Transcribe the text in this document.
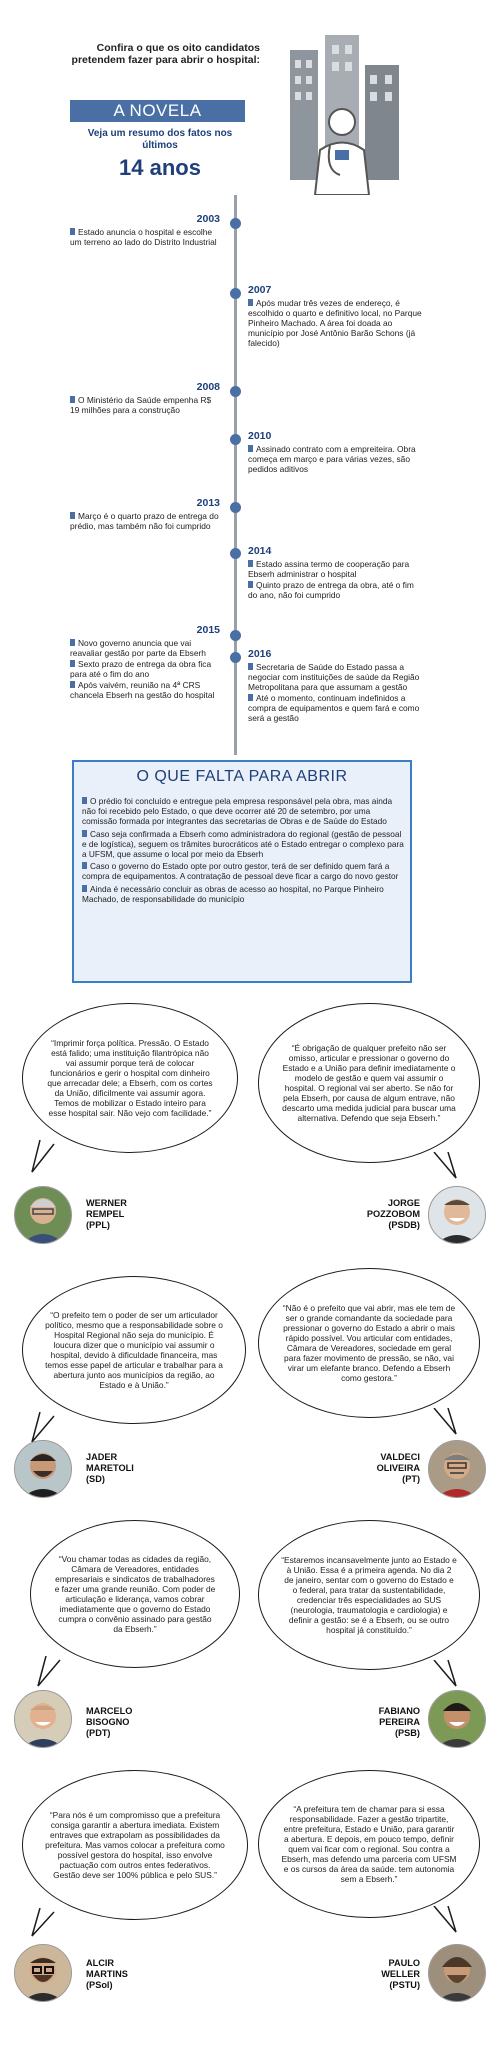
Confira o que os oito candidatos pretendem fazer para abrir o hospital:
A NOVELA
Veja um resumo dos fatos nos últimos
14 anos
2003

Estado anuncia o hospital e escolhe um terreno ao lado do Distrito Industrial

2007

Após mudar três vezes de endereço, é escolhido o quarto e definitivo local, no Parque Pinheiro Machado. A área foi doada ao município por José Antônio Barão Schons (já falecido)

2008

O Ministério da Saúde empenha R$ 19 milhões para a construção

2010

Assinado contrato com a empreiteira. Obra começa em março e para várias vezes, são pedidos aditivos

2013

Março é o quarto prazo de entrega do prédio, mas também não foi cumprido

2014

Estado assina termo de cooperação para Ebserh administrar o hospital

Quinto prazo de entrega da obra, até o fim do ano, não foi cumprido

2015

Novo governo anuncia que vai reavaliar gestão por parte da Ebserh

Sexto prazo de entrega da obra fica para até o fim do ano

Após vaivém, reunião na 4ª CRS chancela Ebserh na gestão do hospital

2016

Secretaria de Saúde do Estado passa a negociar com instituições de saúde da Região Metropolitana para que assumam a gestão

Até o momento, continuam indefinidos a compra de equipamentos e quem fará e como será a gestão

O QUE FALTA PARA ABRIR

O prédio foi concluído e entregue pela empresa responsável pela obra, mas ainda não foi recebido pelo Estado, o que deve ocorrer até 20 de setembro, por uma comissão formada por integrantes das secretarias de Obras e de Saúde do Estado

Caso seja confirmada a Ebserh como administradora do regional (gestão de pessoal e de logística), seguem os trâmites burocráticos até o Estado entregar o complexo para a UFSM, que assume o local por meio da Ebserh

Caso o governo do Estado opte por outro gestor, terá de ser definido quem fará a compra de equipamentos. A contratação de pessoal deve ficar a cargo do novo gestor

Ainda é necessário concluir as obras de acesso ao hospital, no Parque Pinheiro Machado, de responsabilidade do município

“Imprimir força política. Pressão. O Estado está falido; uma instituição filantrópica não vai assumir porque terá de colocar funcionários e gerir o hospital com dinheiro que arrecadar dele; a Ebserh, com os cortes da União, dificilmente vai assumir agora. Temos de mobilizar o Estado inteiro para esse hospital sair. Não vejo com facilidade.”
“É obrigação de qualquer prefeito não ser omisso, articular e pressionar o governo do Estado e a União para definir imediatamente o modelo de gestão e quem vai assumir o hospital. O regional vai ser aberto. Se não for pela Ebserh, por causa de algum entrave, não descarto uma medida judicial para buscar uma alternativa. Defendo que seja Ebserh.”
WERNER
REMPEL
(PPL)
JORGE
POZZOBOM
(PSDB)
“O prefeito tem o poder de ser um articulador político, mesmo que a responsabilidade sobre o Hospital Regional não seja do município. É loucura dizer que o município vai assumir o hospital, devido à dificuldade financeira, mas temos esse papel de articular e trabalhar para a abertura junto aos municípios da região, ao Estado e à União.”
“Não é o prefeito que vai abrir, mas ele tem de ser o grande comandante da sociedade para pressionar o governo do Estado a abrir o mais rápido possível. Vou articular com entidades, Câmara de Vereadores, sociedade em geral para fazer movimento de pressão, se não, vai virar um elefante branco. Defendo a Ebserh como gestora.”
JADER
MARETOLI
(SD)
VALDECI
OLIVEIRA
(PT)
“Vou chamar todas as cidades da região, Câmara de Vereadores, entidades empresariais e sindicatos de trabalhadores e fazer uma grande reunião. Com poder de articulação e liderança, vamos cobrar imediatamente que o governo do Estado cumpra o convênio assinado para gestão da Ebserh.”
“Estaremos incansavelmente junto ao Estado e à União. Essa é a primeira agenda. No dia 2 de janeiro, sentar com o governo do Estado e o federal, para tratar da sustentabilidade, credenciar três especialidades ao SUS (neurologia, traumatologia e cardiologia) e definir a gestão: se é a Ebserh, ou se outro hospital já constituído.”
MARCELO
BISOGNO
(PDT)
FABIANO
PEREIRA
(PSB)
“Para nós é um compromisso que a prefeitura consiga garantir a abertura imediata. Existem entraves que extrapolam as possibilidades da prefeitura. Mas vamos colocar a prefeitura como possível gestora do hospital, isso envolve pactuação com outros entes federativos. Gestão deve ser 100% pública e pelo SUS.”
“A prefeitura tem de chamar para si essa responsabilidade. Fazer a gestão tripartite, entre prefeitura, Estado e União, para garantir a abertura. E depois, em pouco tempo, definir quem vai ficar com o regional. Sou contra a Ebserh, mas defendo uma parceria com UFSM e os cursos da área da saúde. tem autonomia sem a Ebserh.”
ALCIR
MARTINS
(PSol)
PAULO
WELLER
(PSTU)
